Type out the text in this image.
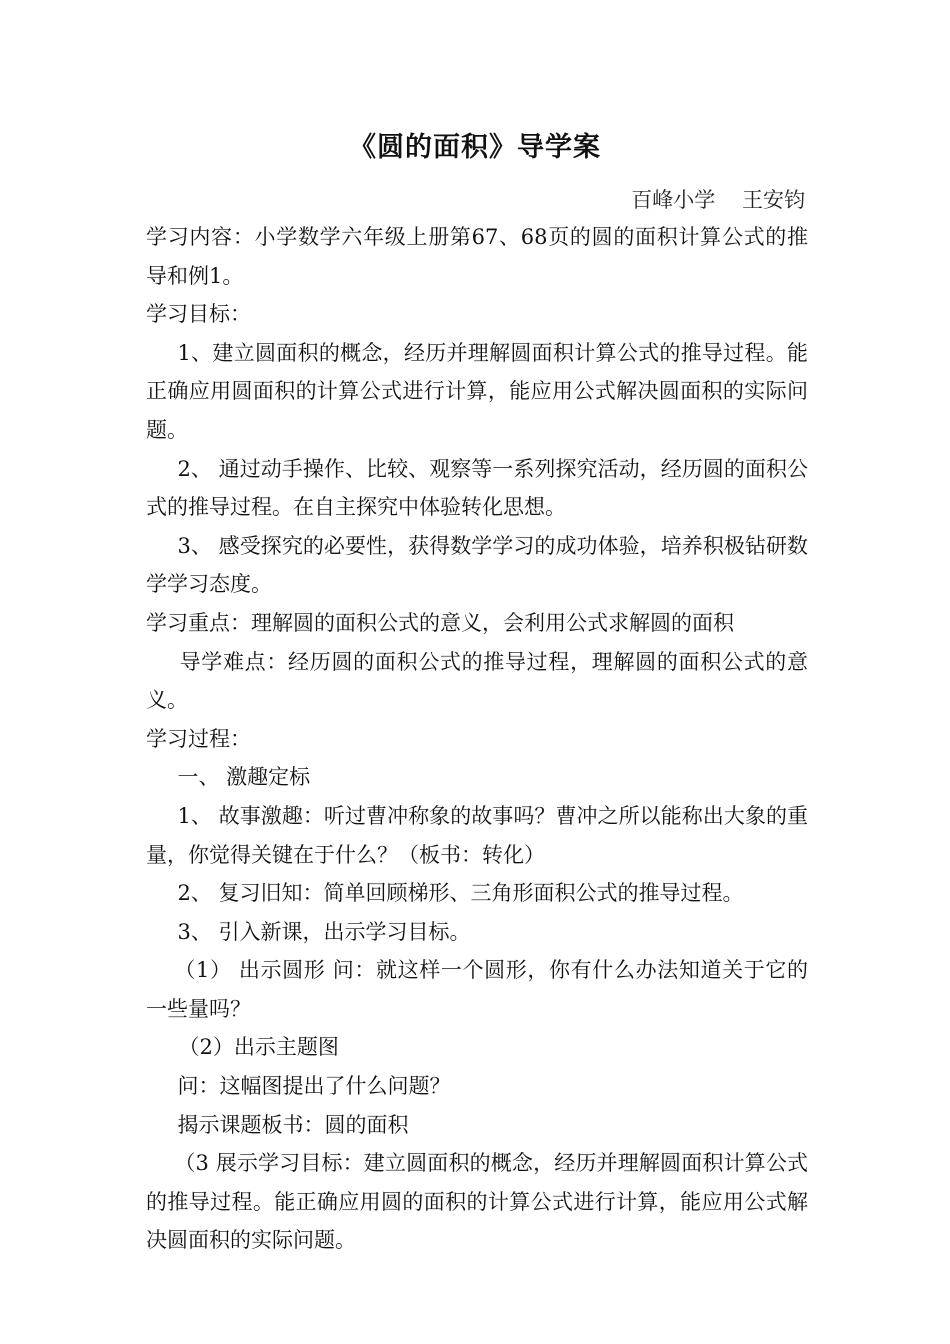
《圆的面积》导学案
百峰小学    王安钧

学习内容：小学数学六年级上册第67、68页的圆的面积计算公式的推导和例1。

学习目标：

1、建立圆面积的概念，经历并理解圆面积计算公式的推导过程。能正确应用圆面积的计算公式进行计算，能应用公式解决圆面积的实际问题。

2、 通过动手操作、比较、观察等一系列探究活动，经历圆的面积公式的推导过程。在自主探究中体验转化思想。

3、 感受探究的必要性，获得数学学习的成功体验，培养积极钻研数学学习态度。

学习重点：理解圆的面积公式的意义，会利用公式求解圆的面积

导学难点：经历圆的面积公式的推导过程，理解圆的面积公式的意义。

学习过程：

一、 激趣定标

1、 故事激趣：听过曹冲称象的故事吗？曹冲之所以能称出大象的重量，你觉得关键在于什么？（板书：转化）

2、 复习旧知：简单回顾梯形、三角形面积公式的推导过程。

3、 引入新课，出示学习目标。

（1） 出示圆形 问：就这样一个圆形，你有什么办法知道关于它的一些量吗？

（2）出示主题图

问：这幅图提出了什么问题？

揭示课题板书：圆的面积

（3 展示学习目标：建立圆面积的概念，经历并理解圆面积计算公式的推导过程。能正确应用圆的面积的计算公式进行计算，能应用公式解决圆面积的实际问题。
